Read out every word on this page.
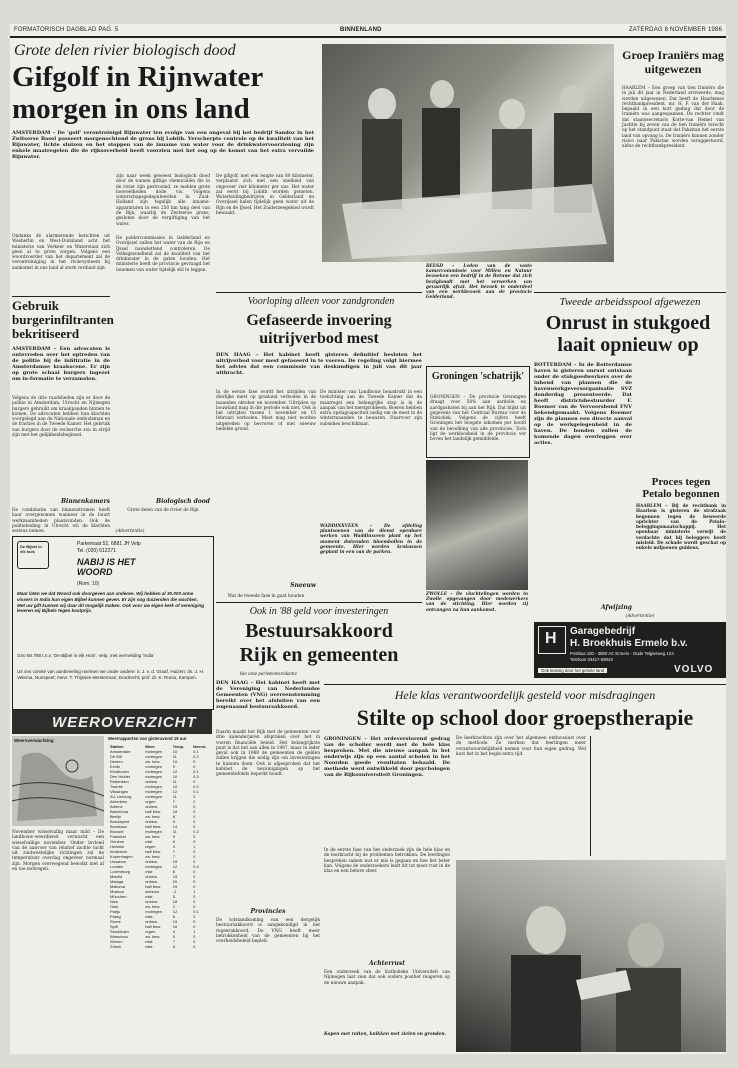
FORMATORISCH DAGBLAD PAG. 5	BINNENLAND	ZATERDAG 8 NOVEMBER 1986
Grote delen rivier biologisch dood
Gifgolf in Rijnwater
morgen in ons land
AMSTERDAM – De 'golf' verontreinigd Rijnwater ten evolge van een ongeval bij het bedrijf Sandoz in het Zwitserse Basel passeert morgenochtend de grens bij Lobith. Verscherpte controle op de kwaliteit van het Rijnwater, lichte sluizen en het stoppen van de inname van water voor de drinkwatervoorziening zijn enkele maatregelen die de rijksoverheid heeft voorzien met het oog op de komst van het extra vervuilde Rijnwater.
Ondanks de alarmerende berichten uit Wesberlin en West-Duitsland acht het ministerie van Verkeer en Waterstaat zich geen al te grote zorgen. Volgens een woordvoerder van het departement zal de verontreiniging in het riviersysteem bij aankomst in ons land al sterk verdund zijn.
zijn naar week geweest biologisch dood door de tonnen giftige chemicaliën die in de rivier zijn gestroomd, ze melden grote hoeveelheden dode vis. Volgens waterschapsgedeputeerden in Zuid-Holland zijn tegelijk alle inname-apparaturen in een 250 km lang deel van de Rijn, waarbij de Zwitserse grens, gesloten door de vergiftiging van het water.
De gifgolf, met een lengte van 80 kilometer, verplaatst zich met een snelheid van ongeveer vier kilometer per uur. Het water zal eerst bij Lobith worden gemeten. Waterleidingbedrijven in Gelderland en Overijssel halen tijdelijk geen water uit de Rijn en de IJssel. Het Zuiderzeegebied wordt bewaakt.
De poldercommissies in Gelderland en Overijssel zullen het water van de Rijn en IJssel nauwlettend controleren. De Volksgezondheid zal de kwaliteit van het drinkwater in de gaten houden. Het ministerie heeft de provincie gevraagd het innemen van water tijdelijk stil te leggen.
Biologisch dood
Grote delen van de rivier de Rijn
Gebruik burgerinfiltranten bekritiseerd
AMSTERDAM – Een advocaten is ontevreden over het optreden van de politie bij de infiltratie in de Amsterdamse kraakscene. Er zijn op grote schaal burgers ingezet om in-formatie te verzamelen.
Volgens de drie raadslieden zijn er door de politie in Amsterdam, Utrecht en Nijmegen burgers gebruikt om kraakpanden binnen te komen. De advocaten hebben hun klachten voorgelegd aan de Nationale ombudsman en de fracties in de Tweede Kamer. Het gebruik van burgers door de recherche zou in strijd zijn met het gelijkheidsbeginsel.
Binnenkamers
De combinatie van binnenstromen heeft haar overgenomen wanneer in de buurt werkzaamheden plaatsvinden. Ook de politieleiding in Utrecht wil de klachten serieus nemen.	(Advertentie)
De Bijbel in elk huis
Parkemaat 52, 6881 JH Velp
Tel. (020) 612271
NABIJ IS HET WOORD
(Rom. 10)
Maar laten we dat Woord ook doorgeven aan anderen. Wij hebben al 30.000 arme vissers in India hun eigen Bijbel kunnen geven. Er zijn nog duizenden die wachten. Met uw gift kunnen wij daar dit mogelijk maken. Ook voor uw eigen kerk of vereniging leveren wij Bijbels tegen kostprijs.
Giro 50.788 t.n.v. 'De Bijbel in elk Huis', Velp, met vermelding 'India'
Uit ons comité van aanbeveling noemen we onder andere: ir. J. v. d. Graaf, Huizen; ds. J. H. Velema, Nunspeet; mevr. T. Thijssen-Westerman, Dordrecht; prof. dr. K. Runia, Kampen.
WEEROVERZICHT
Weersverwachting
November wisselvallig maar mild – De landbouw-weerdienst verwacht een wisselvallige november. Onder invloed van de aanvoer van relatief zachte lucht uit zuidwestelijke richtingen zal de temperatuur overdag ongeveer normaal zijn. Morgen overwegend bewolkt met af en toe motregen.
Weerrapporten van gisteravond 19 uur
Station	Weer	Temp.	Neersl.
Amsterdam	motregen	10	0.1
De Bilt	motregen	11	0.2
Deelen	zw. bew.	10	0
Eelde	motregen	9	0
Eindhoven	motregen	12	0.1
Den Helder	motregen	10	0.3
Rotterdam	onbew.	11	0
Twente	motregen	10	0.2
Vlissingen	motregen	12	0.1
Zd. Limburg	motregen	11	0
Aberdeen	regen	7	2
Athene	onbew.	19	0
Barcelona	half bew.	18	0
Berlijn	zw. bew.	8	0
Boedapest	onbew.	9	0
Bordeaux	half bew.	14	0
Brussel	motregen	11	0.2
Frankfort	zw. bew.	9	0
Genève	mist	6	0
Helsinki	regen	3	1
Innsbruck	half bew.	7	0
Kopenhagen	zw. bew.	7	0
Lissabon	onbew.	19	0
Londen	motregen	12	0.4
Luxemburg	mist	8	0
Madrid	onbew.	15	0
Malaga	onbew.	20	0
Mallorca	half bew.	19	0
Moskou	sneeuw	-1	1
München	mist	5	0
Nice	onbew.	18	0
Oslo	zw. bew.	2	0
Parijs	motregen	12	0.1
Praag	mist	6	0
Rome	onbew.	19	0
Split	half bew.	16	0
Stockholm	regen	4	1
Warschau	zw. bew.	5	0
Wenen	mist	7	0
Zürich	mist	6	0
BEESD – Leden van de vaste kamercommissie voor Milieu en Natuur bezoeken een bedrijf in de Betuwe dat zich bezighoudt met het verwerken van gevaarlijk afval. Het bezoek is onderdeel van een werkbezoek aan de provincie Gelderland.
Groep Iraniërs mag uitgewezen
HAARLEM – Een groep van tien Iraniërs die in juli dit jaar in Nederland arriveerde, mag worden uitgewezen. Dat heeft de Haarlemse rechtbankpresident, mr. H. F. van der Haak, bepaald in een kort geding dat door de Iraniërs was aangespannen. De rechter vindt dat staatssecretaris Korte-van Hemel van Justitie bij zeven van de tien Iraniërs terecht op het standpunt staat dat Pakistan het eerste land van opvang is. De Iraniërs kunnen zonder risico naar Pakistan worden teruggestuurd, aldus de rechtbankpresident.
Voorloping alleen voor zandgronden
Gefaseerde invoering
uitrijverbod mest
DEN HAAG – Het kabinet heeft gisteren definitief besloten het uitrijverbod voor mest gefaseerd in te voeren. De regeling volgt hiermee het advies dat een commissie van deskundigen in juli van dit jaar uitbracht.
In de eerste fase wordt het uitrijden van dierlijke mest op grasland verboden in de maanden oktober en november. Uitrijden op bouwland mag in die periode ook niet. Ook is het uitrijden tussen 1 november en 15 februari verboden. Mest mag niet worden uitgereden op bevroren of met sneeuw bedekte grond.
De minister van Landbouw benadrukt in een toelichting aan de Tweede Kamer dat de maatregel een belangrijke stap is in de aanpak van het mestprobleem. Boeren hebben extra opslagcapaciteit nodig om de mest in de wintermaanden te bewaren. Daarvoor zijn subsidies beschikbaar.
Sneeuw
Wat de tweede fase in gaat houden
Groningen 'schatrijk'
GRONINGEN – De provincie Groningen draagt voor 58% aan aardolie en aardgasbaten bij aan het Rijk. Dat blijkt uit gegevens van het Centraal Bureau voor de Statistiek. Volgens de cijfers heeft Groningen het hoogste inkomen per hoofd van de bevolking van alle provincies. Toch ligt de werkloosheid in de provincie ver boven het landelijk gemiddelde.
WADDINXVEEN – De afdeling plantsoenen van de dienst openbare werken van Waddinxveen plant op het moment duizenden bloembollen in de gemeente. Hier worden krokussen geplant in een van de parken.
ZWOLLE – De vluchtelingen worden in Zwolle opgevangen door medewerkers van de stichting. Hier worden zij ontvangen na hun aankomst.
Tweede arbeidsspool afgewezen
Onrust in stukgoed
laait opnieuw op
ROTTERDAM – In de Rotterdamse haven is gisteren onrust ontstaan onder de stukgoedwerkers over de inhoud van plannen die de havenwerkgeversorganisatie SVZ donderdag presenteerde. Dat heeft districtsbestuurder F. Roemer van de Vervoersbond FNV bekendgemaakt. Volgens Roemer zijn de plannen een directe aanval op de werkgelegenheid in de haven. De bonden zullen de komende dagen overleggen over acties.
Afwijzing
Proces tegen Petalo begonnen
HAARLEM – Bij de rechtbank in Haarlem is gisteren de strafzaak begonnen tegen de beweerde oprichter van de Petalo-beleggingsmaatschappij. Het openbaar ministerie verwijt de verdachte dat hij beleggers heeft misleid. De schade wordt geschat op enkele miljoenen guldens.
(Advertentie)
H Garagebedrijf
H. Broekhuis Ermelo b.v.
Postbus 100 - 3850 AC Ermelo - Oude Telgterweg 123
Telefoon 03417-59044
Ook leasing door het gehele land	VOLVO
Ook in '88 geld voor investeringen
Bestuursakkoord
Rijk en gemeenten
Van onze parlementsredactie
DEN HAAG – Het kabinet heeft met de Vereniging van Nederlandse Gemeenten (VNG) overeenstemming bereikt over het afsluiten van een zogenaamd bestuursakkoord.
Daarin maakt het Rijk met de gemeenten voor drie kalenderjaren afspraken over het in voeren financiële beleid. Het belangrijkste punt is dat het aan allen in 1987, maar in ieder geval ook in 1988 de gemeenten de gelden zullen krijgen die nodig zijn om investeringen te kunnen doen. Ook is afgesproken dat het kabinet de bezuinigingen op het gemeentefonds beperkt houdt.
Provincies
De totstandkoming van een dergelijk bestuursakkoord is aangekondigd in het regeerakkoord. De VNG heeft meer betrokkenheid van de gemeenten bij het overheidsbeleid bepleit.
Hele klas verantwoordelijk gesteld voor misdragingen
Stilte op school door groepstherapie
GRONINGEN – Het ordeverstorend gedrag van de scholier wordt met de hele klas besproken. Met die nieuwe aanpak in het onderwijs zijn op een aantal scholen in het Noorden goede resultaten behaald. De methode werd ontwikkeld door psychologen van de Rijksuniversiteit Groningen.
In de eerste fase van het onderzoek zijn de hele klas en de leerkracht bij de problemen betrokken. De leerlingen bespreken samen wat er mis is gegaan en hoe het beter kan. Volgens de onderzoekers leidt dit tot meer rust in de klas en een betere sfeer.
Achterrust
Een onderzoek van de Katholieke Universiteit van Nijmegen laat zien dat ook ouders positief reageren op de nieuwe aanpak.
Kopen met ruiten, knikken met zielen en gronden.
De leerkrachten zijn over het algemeen enthousiast over de methode. Ze merken dat leerlingen meer verantwoordelijkheid nemen voor hun eigen gedrag. Wel kost het in het begin extra tijd.
